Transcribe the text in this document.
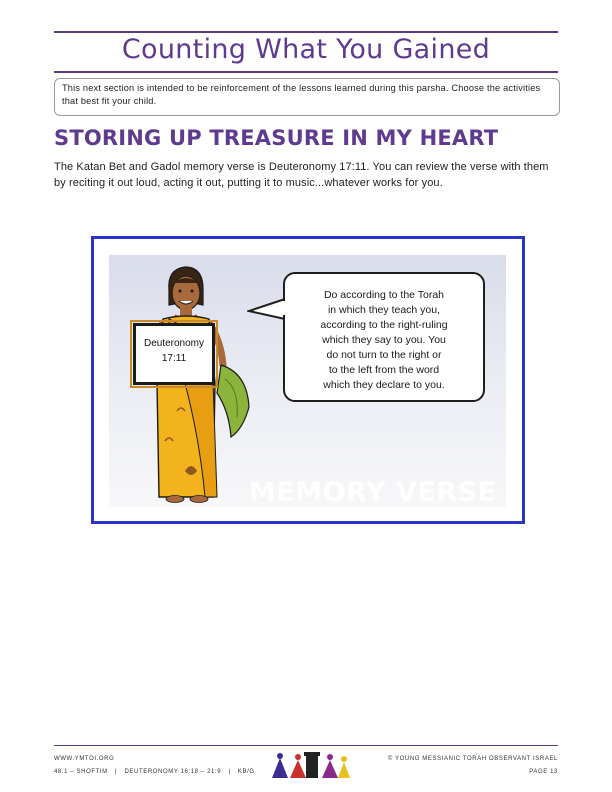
Counting What You Gained
This next section is intended to be reinforcement of the lessons learned during this parsha. Choose the activities that best fit your child.
STORING UP TREASURE IN MY HEART
The Katan Bet and Gadol memory verse is Deuteronomy 17:11. You can review the verse with them by reciting it out loud, acting it out, putting it to music...whatever works for you.
Deuteronomy
17:11
Do according to the Torah
in which they teach you,
according to the right-ruling
which they say to you. You
do not turn to the right or
to the left from the word
which they declare to you.
MEMORY VERSE
WWW.YMTOI.ORG
48.1 – SHOFTIM | DEUTERONOMY 16:18 – 21:9 | KB/G
© YOUNG MESSIANIC TORAH OBSERVANT ISRAEL
PAGE 13
